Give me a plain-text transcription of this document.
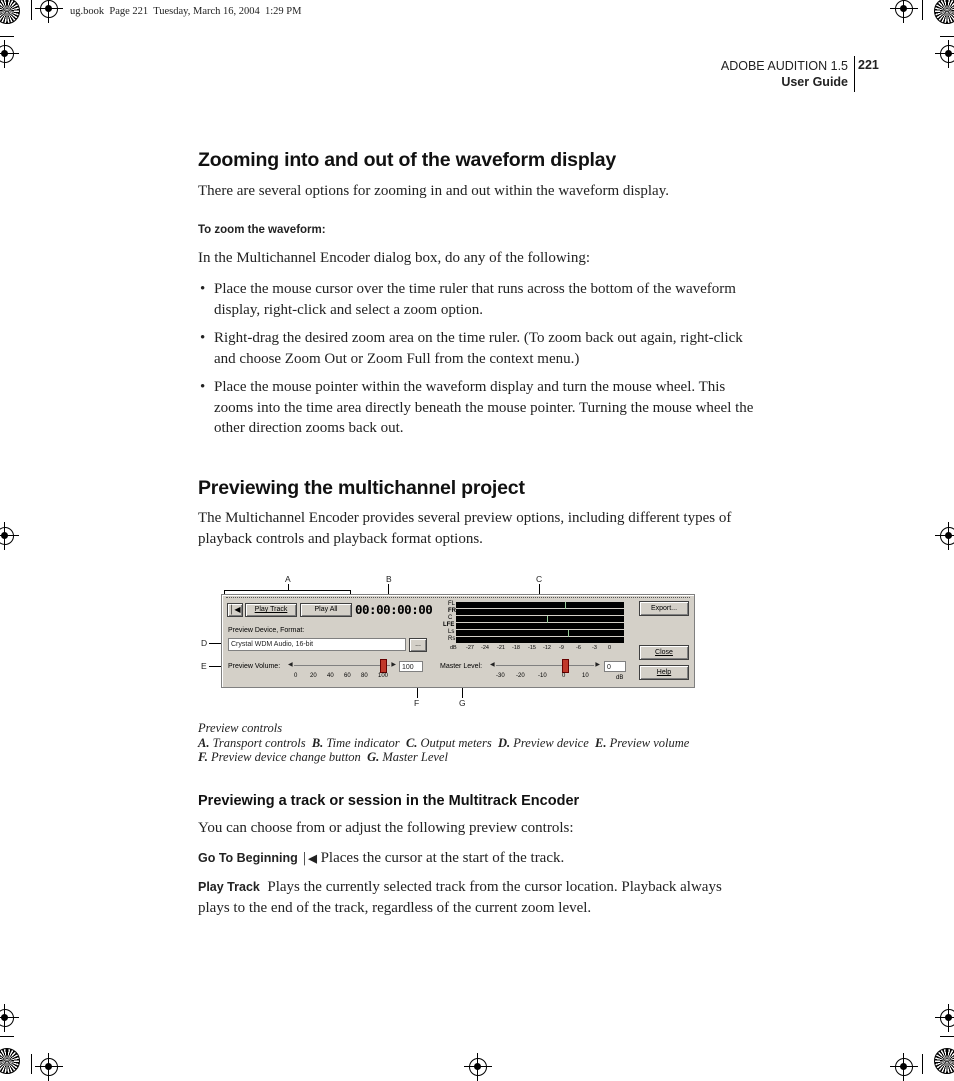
ug.book  Page 221  Tuesday, March 16, 2004  1:29 PM
ADOBE AUDITION 1.5
User Guide
221
Zooming into and out of the waveform display

There are several options for zooming in and out within the waveform display.

To zoom the waveform:

In the Multichannel Encoder dialog box, do any of the following:

• Place the mouse cursor over the time ruler that runs across the bottom of the waveform display, right-click and select a zoom option.
• Right-drag the desired zoom area on the time ruler. (To zoom back out again, right-click and choose Zoom Out or Zoom Full from the context menu.)
• Place the mouse pointer within the waveform display and turn the mouse wheel. This zooms into the time area directly beneath the mouse pointer. Turning the mouse wheel the other direction zooms back out.
Previewing the multichannel project

The Multichannel Encoder provides several preview options, including different types of playback controls and playback format options.

A	B	C
D
E
F	G
│◀	Play Track	Play All	00:00:00:00
Preview Device, Format:
Crystal WDM Audio, 16-bit	...
Preview Volume: ◀	▶
0 20 40 60 80 100
100
FL
FR
C
LFE
Ls
Rs
dB -27 -24 -21 -18 -15 -12 -9 -6 -3 0
Master Level: ◀	▶
-30 -20 -10	0	10
0
dB
Export...
Close
Help
Preview controls
A. Transport controls B. Time indicator C. Output meters D. Preview device E. Preview volume
F. Preview device change button G. Master Level
Previewing a track or session in the Multitrack Encoder

You can choose from or adjust the following preview controls:

Go To Beginning │◀ Places the cursor at the start of the track.

Play Track Plays the currently selected track from the cursor location. Playback always plays to the end of the track, regardless of the current zoom level.
